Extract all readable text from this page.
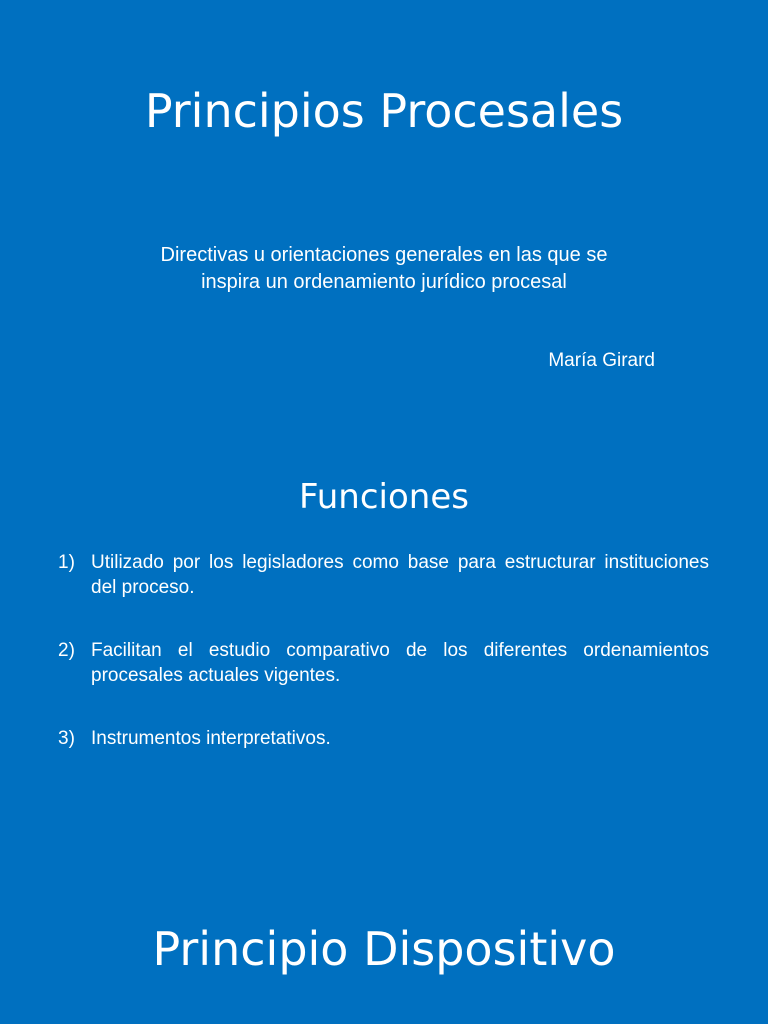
Principios Procesales

Directivas u orientaciones generales en las que se inspira un ordenamiento jurídico procesal

María Girard
Funciones
1) Utilizado por los legisladores como base para estructurar instituciones del proceso.
2) Facilitan el estudio comparativo de los diferentes ordenamientos procesales actuales vigentes.
3) Instrumentos interpretativos.
Principio Dispositivo
